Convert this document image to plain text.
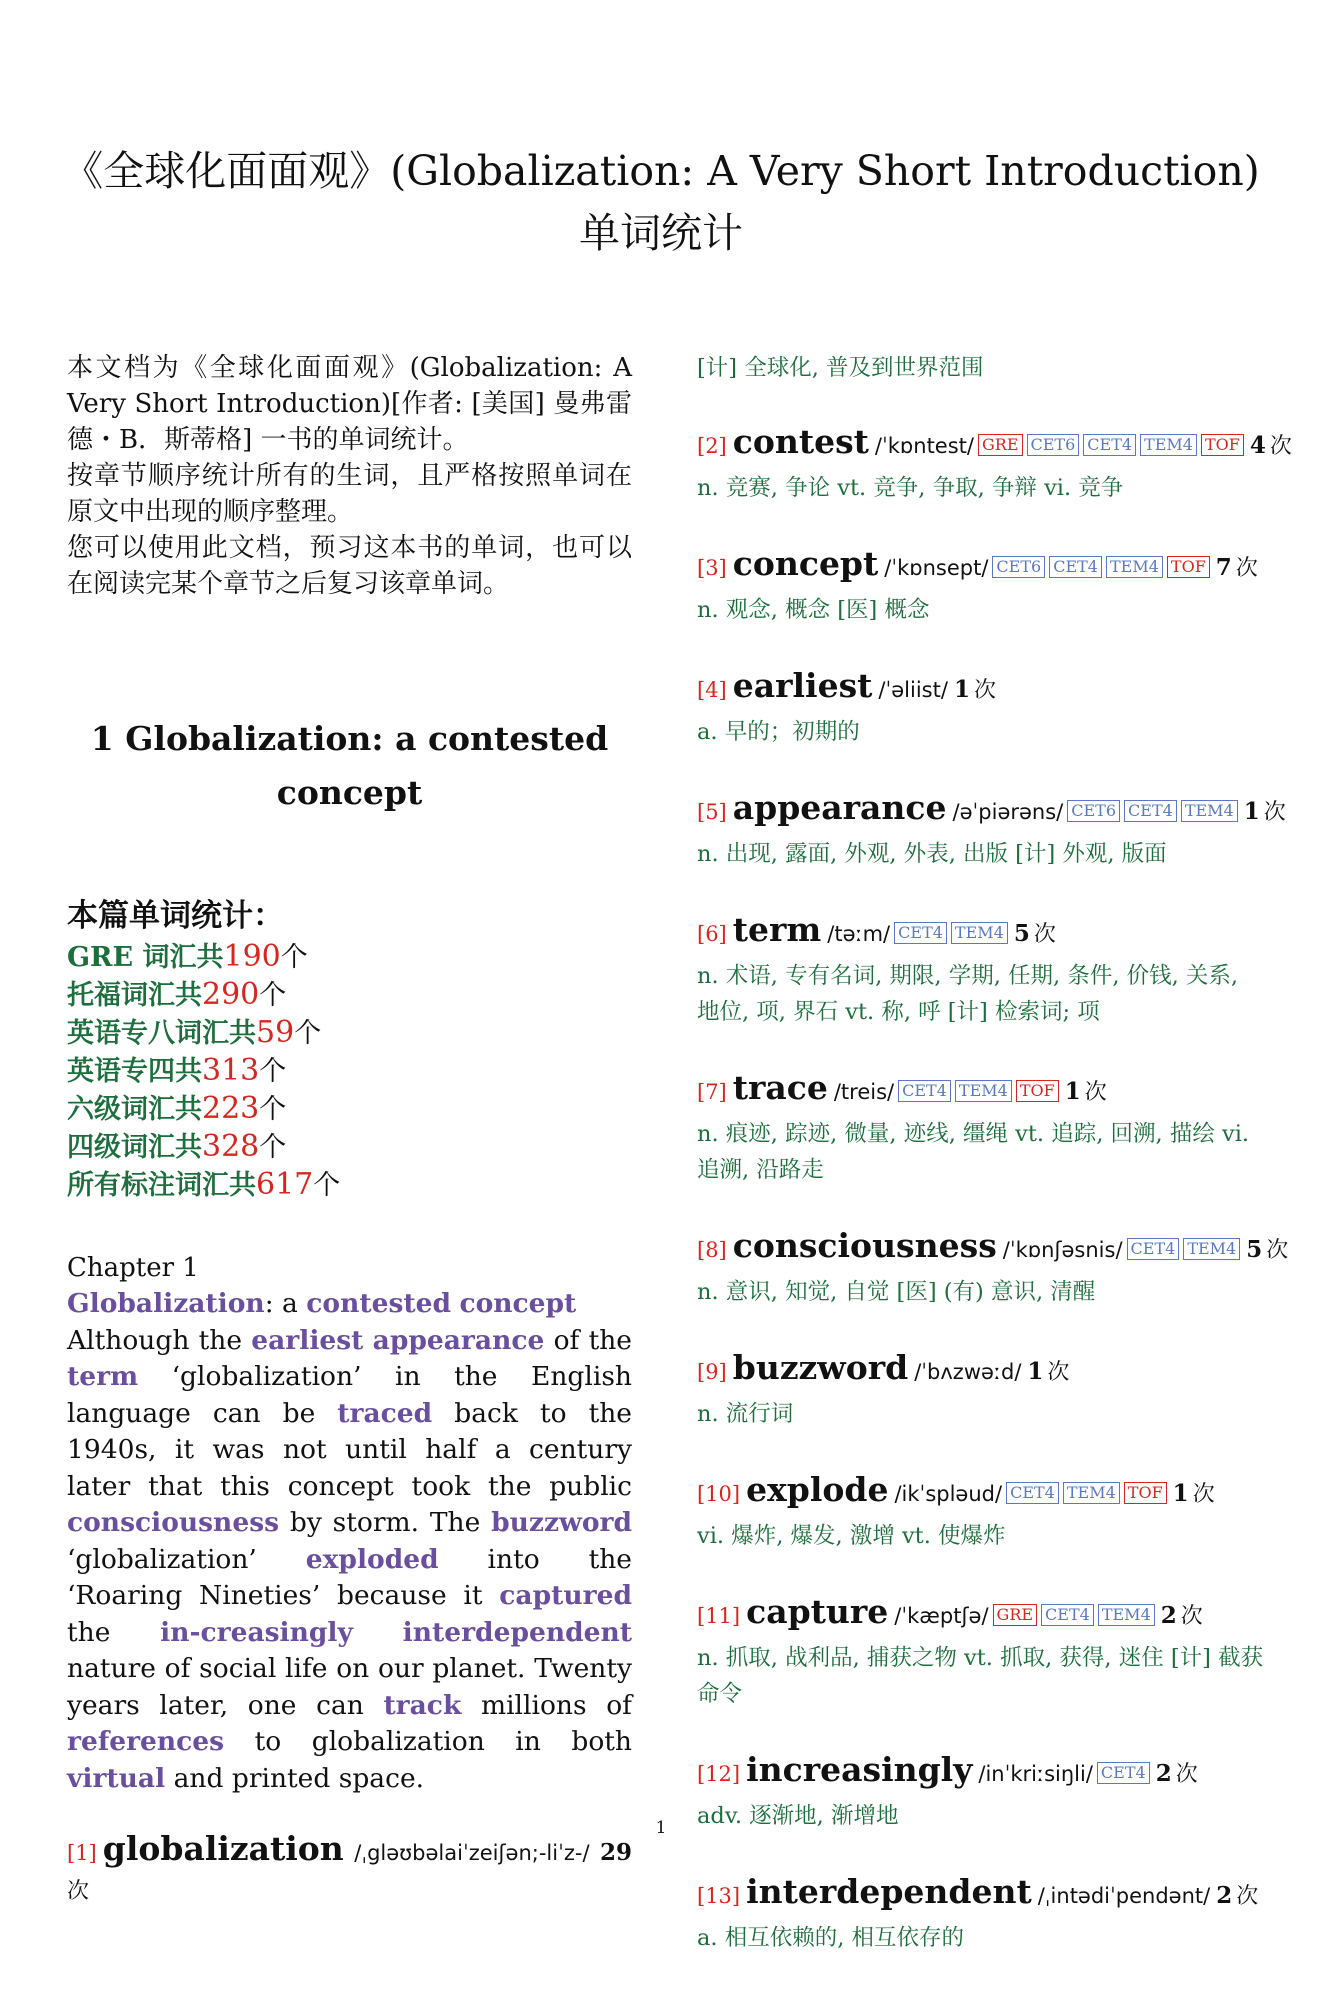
《全球化面面观》(Globalization: A Very Short Introduction) 单词统计

本文档为《全球化面面观》(Globalization: A Very Short Introduction)[作者: [美国] 曼弗雷德・B．斯蒂格] 一书的单词统计。

按章节顺序统计所有的生词，且严格按照单词在原文中出现的顺序整理。

您可以使用此文档，预习这本书的单词，也可以在阅读完某个章节之后复习该章单词。

1 Globalization: a contested concept
本篇单词统计：
GRE 词汇共190个
托福词汇共290个
英语专八词汇共59个
英语专四共313个
六级词汇共223个
四级词汇共328个
所有标注词汇共617个
Chapter 1
Globalization: a contested concept
Although the earliest appearance of the term ‘globalization’ in the English language can be traced back to the 1940s, it was not until half a century later that this concept took the public consciousness by storm. The buzzword ‘globalization’ exploded into the ‘Roaring Nineties’ because it captured the in-creasingly interdependent nature of social life on our planet. Twenty years later, one can track millions of references to globalization in both virtual and printed space.
[1] globalization /ˌgləʊbəlaiˈzeiʃən;-liˈz-/ 29
次

[计] 全球化, 普及到世界范围

[2] contest /ˈkɒntest/ GRE CET6 CET4 TEM4 TOF 4 次

n. 竞赛, 争论 vt. 竞争, 争取, 争辩 vi. 竞争

[3] concept /ˈkɒnsept/ CET6 CET4 TEM4 TOF 7 次

n. 观念, 概念 [医] 概念

[4] earliest /ˈəliist/ 1 次

a. 早的；初期的

[5] appearance /əˈpiərəns/ CET6 CET4 TEM4 1 次

n. 出现, 露面, 外观, 外表, 出版 [计] 外观, 版面

[6] term /təːm/ CET4 TEM4 5 次

n. 术语, 专有名词, 期限, 学期, 任期, 条件, 价钱, 关系, 地位, 项, 界石 vt. 称, 呼 [计] 检索词; 项

[7] trace /treis/ CET4 TEM4 TOF 1 次

n. 痕迹, 踪迹, 微量, 迹线, 缰绳 vt. 追踪, 回溯, 描绘 vi. 追溯, 沿路走

[8] consciousness /ˈkɒnʃəsnis/ CET4 TEM4 5 次

n. 意识, 知觉, 自觉 [医] (有) 意识, 清醒

[9] buzzword /ˈbʌzwəːd/ 1 次

n. 流行词

[10] explode /ikˈspləud/ CET4 TEM4 TOF 1 次

vi. 爆炸, 爆发, 激增 vt. 使爆炸

[11] capture /ˈkæptʃə/ GRE CET4 TEM4 2 次

n. 抓取, 战利品, 捕获之物 vt. 抓取, 获得, 迷住 [计] 截获命令

[12] increasingly /inˈkriːsiŋli/ CET4 2 次

adv. 逐渐地, 渐增地

[13] interdependent /ˌintədiˈpendənt/ 2 次

a. 相互依赖的, 相互依存的

1
